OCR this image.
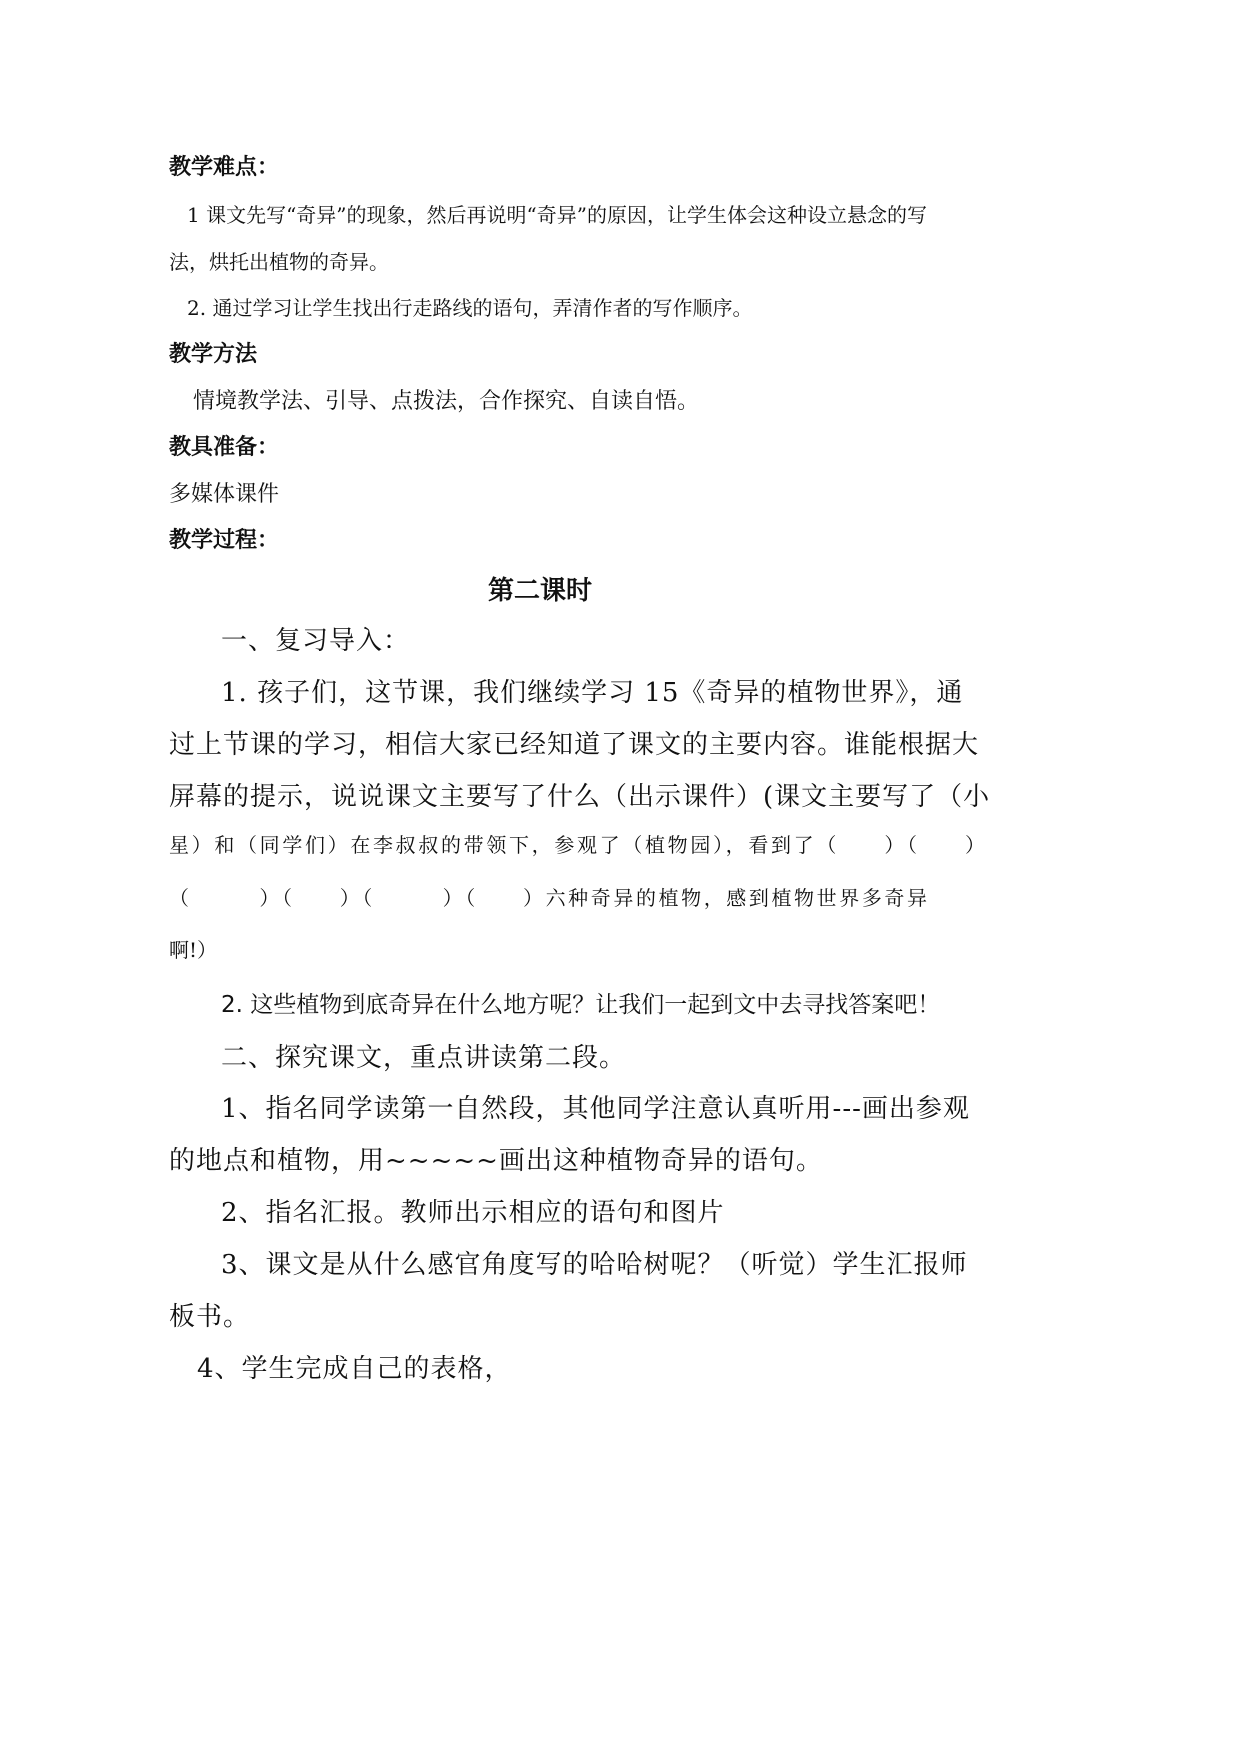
教学难点：
1 课文先写“奇异”的现象，然后再说明“奇异”的原因，让学生体会这种设立悬念的写
法，烘托出植物的奇异。
2. 通过学习让学生找出行走路线的语句，弄清作者的写作顺序。
教学方法
情境教学法、引导、点拨法，合作探究、自读自悟。
教具准备：
多媒体课件
教学过程：
第二课时
一、复习导入：
1. 孩子们，这节课，我们继续学习 15《奇异的植物世界》，通
过上节课的学习，相信大家已经知道了课文的主要内容。谁能根据大
屏幕的提示，说说课文主要写了什么（出示课件）(课文主要写了（小
星）和（同学们）在李叔叔的带领下，参观了（植物园），看到了（　　）（　　）
（　　　）（　　）（　　　）（　　）六种奇异的植物，感到植物世界多奇异
啊!）
2. 这些植物到底奇异在什么地方呢？让我们一起到文中去寻找答案吧！
二、探究课文，重点讲读第二段。
1、指名同学读第一自然段，其他同学注意认真听用---画出参观
的地点和植物，用~~~~~画出这种植物奇异的语句。
2、指名汇报。教师出示相应的语句和图片
3、课文是从什么感官角度写的哈哈树呢？（听觉）学生汇报师
板书。
4、学生完成自己的表格，
